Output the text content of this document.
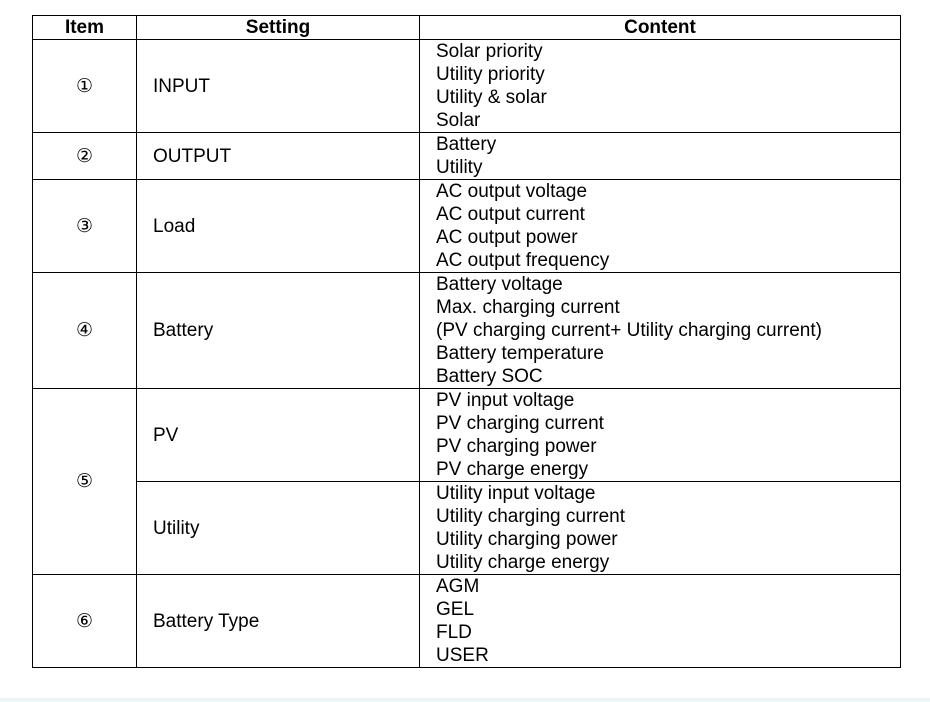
Item	Setting	Content
①	INPUT	Solar priority
Utility priority
Utility & solar
Solar

②	OUTPUT	Battery
Utility

③	Load	AC output voltage
AC output current
AC output power
AC output frequency

④	Battery	Battery voltage
Max. charging current
(PV charging current+ Utility charging current)
Battery temperature
Battery SOC

⑤	PV	PV input voltage
PV charging current
PV charging power
PV charge energy

	Utility	Utility input voltage
Utility charging current
Utility charging power
Utility charge energy

⑥	Battery Type	AGM
GEL
FLD
USER
